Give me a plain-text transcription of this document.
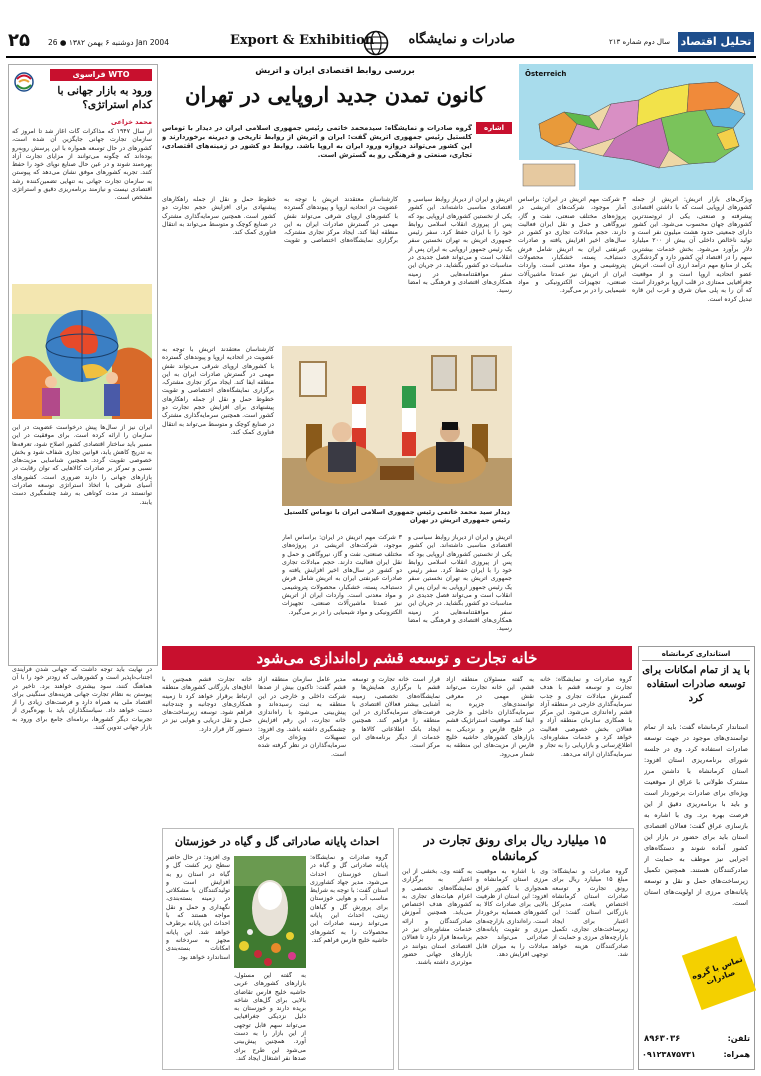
۲۵ دوشنبه ۶ بهمن ۱۳۸۲ ● 26 Jan 2004	Export & Exhibition	صادرات و نمایشگاه	سال دوم شماره ۲۱۳ تحلیل اقتصاد
Österreich
بررسی روابط اقتصادی ایران و اتریش
کانون تمدن جدید اروپایی در تهران
اشاره
گروه صادرات و نمایشگاه: سیدمحمد خاتمی رئیس جمهوری اسلامی ایران در دیدار با توماس کلستیل رئیس جمهوری اتریش گفت: ایران و اتریش از روابط تاریخی و دیرینه برخوردارند و این کشور می‌تواند دروازه ورود ایران به اروپا باشد. روابط دو کشور در زمینه‌های اقتصادی، تجاری، صنعتی و فرهنگی رو به گسترش است.
فراسوی WTO
ورود به بازار جهانی با کدام استراتژی؟
محمد خزاعی
از سال ۱۹۴۷ که مذاکرات گات آغاز شد تا امروز که سازمان تجارت جهانی جایگزین آن شده است، کشورهای در حال توسعه همواره با این پرسش روبه‌رو بوده‌اند که چگونه می‌توانند از مزایای تجارت آزاد بهره‌مند شوند و در عین حال صنایع نوپای خود را حفظ کنند. تجربه کشورهای موفق نشان می‌دهد که پیوستن به سازمان تجارت جهانی به تنهایی تضمین‌کننده رشد اقتصادی نیست و نیازمند برنامه‌ریزی دقیق و استراتژی مشخص است.
ایران نیز از سال‌ها پیش درخواست عضویت در این سازمان را ارائه کرده است. برای موفقیت در این مسیر باید ساختار اقتصادی کشور اصلاح شود، تعرفه‌ها به تدریج کاهش یابد، قوانین تجاری شفاف شود و بخش خصوصی تقویت گردد. همچنین شناسایی مزیت‌های نسبی و تمرکز بر صادرات کالاهایی که توان رقابت در بازارهای جهانی را دارند ضروری است. کشورهای آسیای شرقی با اتخاذ استراتژی توسعه صادرات توانستند در مدت کوتاهی به رشد چشمگیری دست یابند.
در نهایت باید توجه داشت که جهانی شدن فرآیندی اجتناب‌ناپذیر است و کشورهایی که زودتر خود را با آن هماهنگ کنند، سود بیشتری خواهند برد. تاخیر در پیوستن به نظام تجارت جهانی هزینه‌های سنگینی برای اقتصاد ملی به همراه دارد و فرصت‌های زیادی را از دست خواهد داد. سیاستگذاران باید با بهره‌گیری از تجربیات دیگر کشورها، برنامه‌ای جامع برای ورود به بازار جهانی تدوین کنند.
ویژگی‌های بازار اتریش: اتریش از جمله کشورهای اروپایی است که با داشتن اقتصادی پیشرفته و صنعتی، یکی از ثروتمندترین کشورهای جهان محسوب می‌شود. این کشور دارای جمعیتی حدود هشت میلیون نفر است و تولید ناخالص داخلی آن بیش از ۲۰۰ میلیارد دلار برآورد می‌شود. بخش خدمات بیشترین سهم را در اقتصاد این کشور دارد و گردشگری یکی از منابع مهم درآمد ارزی آن است. اتریش عضو اتحادیه اروپا است و از موقعیت جغرافیایی ممتازی در قلب اروپا برخوردار است که آن را به پلی میان شرق و غرب این قاره تبدیل کرده است.
۳ شرکت مهم اتریش در ایران: براساس آمار موجود، شرکت‌های اتریشی در پروژه‌های مختلف صنعتی، نفت و گاز، نیروگاهی و حمل و نقل ایران فعالیت دارند. حجم مبادلات تجاری دو کشور در سال‌های اخیر افزایش یافته و صادرات غیرنفتی ایران به اتریش شامل فرش دستباف، پسته، خشکبار، محصولات پتروشیمی و مواد معدنی است. واردات ایران از اتریش نیز عمدتا ماشین‌آلات صنعتی، تجهیزات الکترونیکی و مواد شیمیایی را در بر می‌گیرد.
اتریش و ایران از دیرباز روابط سیاسی و اقتصادی مناسبی داشته‌اند. این کشور یکی از نخستین کشورهای اروپایی بود که پس از پیروزی انقلاب اسلامی روابط خود را با ایران حفظ کرد. سفر رئیس جمهوری اتریش به تهران نخستین سفر یک رئیس جمهور اروپایی به ایران پس از انقلاب است و می‌تواند فصل جدیدی در مناسبات دو کشور بگشاید. در جریان این سفر موافقتنامه‌هایی در زمینه همکاری‌های اقتصادی و فرهنگی به امضا رسید.
کارشناسان معتقدند اتریش با توجه به عضویت در اتحادیه اروپا و پیوندهای گسترده با کشورهای اروپای شرقی می‌تواند نقش مهمی در گسترش صادرات ایران به این منطقه ایفا کند. ایجاد مرکز تجاری مشترک، برگزاری نمایشگاه‌های اختصاصی و تقویت خطوط حمل و نقل از جمله راهکارهای پیشنهادی برای افزایش حجم تجارت دو کشور است. همچنین سرمایه‌گذاری مشترک در صنایع کوچک و متوسط می‌تواند به انتقال فناوری کمک کند.
دیدار سید محمد خاتمی رئیس جمهوری اسلامی ایران با توماس کلستیل رئیس جمهوری اتریش در تهران
اتریش و ایران از دیرباز روابط سیاسی و اقتصادی مناسبی داشته‌اند. این کشور یکی از نخستین کشورهای اروپایی بود که پس از پیروزی انقلاب اسلامی روابط خود را با ایران حفظ کرد. سفر رئیس جمهوری اتریش به تهران نخستین سفر یک رئیس جمهور اروپایی به ایران پس از انقلاب است و می‌تواند فصل جدیدی در مناسبات دو کشور بگشاید. در جریان این سفر موافقتنامه‌هایی در زمینه همکاری‌های اقتصادی و فرهنگی به امضا رسید.
کارشناسان معتقدند اتریش با توجه به عضویت در اتحادیه اروپا و پیوندهای گسترده با کشورهای اروپای شرقی می‌تواند نقش مهمی در گسترش صادرات ایران به این منطقه ایفا کند. ایجاد مرکز تجاری مشترک، برگزاری نمایشگاه‌های اختصاصی و تقویت خطوط حمل و نقل از جمله راهکارهای پیشنهادی برای افزایش حجم تجارت دو کشور است. همچنین سرمایه‌گذاری مشترک در صنایع کوچک و متوسط می‌تواند به انتقال فناوری کمک کند.
۳ شرکت مهم اتریش در ایران: براساس آمار موجود، شرکت‌های اتریشی در پروژه‌های مختلف صنعتی، نفت و گاز، نیروگاهی و حمل و نقل ایران فعالیت دارند. حجم مبادلات تجاری دو کشور در سال‌های اخیر افزایش یافته و صادرات غیرنفتی ایران به اتریش شامل فرش دستباف، پسته، خشکبار، محصولات پتروشیمی و مواد معدنی است. واردات ایران از اتریش نیز عمدتا ماشین‌آلات صنعتی، تجهیزات الکترونیکی و مواد شیمیایی را در بر می‌گیرد.
خانه تجارت و توسعه قشم راه‌اندازی می‌شود
گروه صادرات و نمایشگاه: خانه تجارت و توسعه قشم با هدف گسترش مبادلات تجاری و جذب سرمایه‌گذاری خارجی در منطقه آزاد قشم راه‌اندازی می‌شود. این مرکز با همکاری سازمان منطقه آزاد و فعالان بخش خصوصی فعالیت خواهد کرد و خدمات مشاوره‌ای، اطلاع‌رسانی و بازاریابی را به تجار و سرمایه‌گذاران ارائه می‌دهد.
به گفته مسئولان منطقه آزاد قشم، این خانه تجارت می‌تواند نقش مهمی در معرفی توانمندی‌های جزیره به سرمایه‌گذاران داخلی و خارجی ایفا کند. موقعیت استراتژیک قشم در خلیج فارس و نزدیکی به بازارهای کشورهای حاشیه خلیج فارس از مزیت‌های این منطقه به شمار می‌رود.
قرار است خانه تجارت و توسعه قشم با برگزاری همایش‌ها و نمایشگاه‌های تخصصی، زمینه آشنایی بیشتر فعالان اقتصادی با فرصت‌های سرمایه‌گذاری در این منطقه را فراهم کند. همچنین ایجاد بانک اطلاعاتی کالاها و خدمات از دیگر برنامه‌های این مرکز است.
مدیر عامل سازمان منطقه آزاد قشم گفت: تاکنون بیش از صدها شرکت داخلی و خارجی در این منطقه به ثبت رسیده‌اند و پیش‌بینی می‌شود با راه‌اندازی خانه تجارت، این رقم افزایش چشمگیری داشته باشد. وی افزود: تسهیلات ویژه‌ای برای سرمایه‌گذاران در نظر گرفته شده است.
خانه تجارت قشم همچنین با اتاق‌های بازرگانی کشورهای منطقه ارتباط برقرار خواهد کرد تا زمینه همکاری‌های دوجانبه و چندجانبه فراهم شود. توسعه زیرساخت‌های حمل و نقل دریایی و هوایی نیز در دستور کار قرار دارد.
۱۵ میلیارد ریال برای رونق تجارت در کرمانشاه
گروه صادرات و نمایشگاه: مبلغ ۱۵ میلیارد ریال برای رونق تجارت و توسعه صادرات استان کرمانشاه اختصاص یافت. مدیرکل بازرگانی استان گفت: این اعتبار برای ایجاد زیرساخت‌های تجاری، تکمیل بازارچه‌های مرزی و حمایت از صادرکنندگان هزینه خواهد شد.
وی با اشاره به موقعیت مرزی استان کرمانشاه و همجواری با کشور عراق افزود: این استان از ظرفیت بالایی برای صادرات کالا به کشورهای همسایه برخوردار است. راه‌اندازی بازارچه‌های مرزی و تقویت پایانه‌های صادراتی می‌تواند حجم مبادلات را به میزان قابل توجهی افزایش دهد.
به گفته وی، بخشی از این اعتبار به برگزاری نمایشگاه‌های تخصصی و اعزام هیات‌های تجاری به کشورهای هدف اختصاص می‌یابد. همچنین آموزش صادرکنندگان و ارائه خدمات مشاوره‌ای نیز در برنامه‌ها قرار دارد تا فعالان اقتصادی استان بتوانند در بازارهای جهانی حضور موثرتری داشته باشند.
احداث پایانه صادراتی گل و گیاه در خوزستان
گروه صادرات و نمایشگاه: پایانه صادراتی گل و گیاه در استان خوزستان احداث می‌شود. مدیر جهاد کشاورزی استان گفت: با توجه به شرایط مناسب آب و هوایی خوزستان برای پرورش گل و گیاهان زینتی، احداث این پایانه می‌تواند زمینه صادرات این محصولات را به کشورهای حاشیه خلیج فارس فراهم کند.
وی افزود: در حال حاضر سطح زیر کشت گل و گیاه در استان رو به افزایش است و تولیدکنندگان با مشکلاتی در زمینه بسته‌بندی، نگهداری و حمل و نقل مواجه هستند که با احداث این پایانه برطرف خواهد شد. این پایانه مجهز به سردخانه و امکانات بسته‌بندی استاندارد خواهد بود.
به گفته این مسئول، بازارهای کشورهای عربی حاشیه خلیج فارس تقاضای بالایی برای گل‌های شاخه بریده دارند و خوزستان به دلیل نزدیکی جغرافیایی می‌تواند سهم قابل توجهی از این بازار را به دست آورد. همچنین پیش‌بینی می‌شود این طرح برای صدها نفر اشتغال ایجاد کند.
استانداری کرمانشاه
با ید از تمام امکانات برای توسعه صادرات استفاده کرد
استاندار کرمانشاه گفت: باید از تمام توانمندی‌های موجود در جهت توسعه صادرات استفاده کرد. وی در جلسه شورای برنامه‌ریزی استان افزود: استان کرمانشاه با داشتن مرز مشترک طولانی با عراق از موقعیت ویژه‌ای برای صادرات برخوردار است و باید با برنامه‌ریزی دقیق از این فرصت بهره برد. وی با اشاره به بازسازی عراق گفت: فعالان اقتصادی استان باید برای حضور در بازار این کشور آماده شوند و دستگاه‌های اجرایی نیز موظف به حمایت از صادرکنندگان هستند. همچنین تکمیل زیرساخت‌های حمل و نقل و توسعه پایانه‌های مرزی از اولویت‌های استان است.
تماس با گروه صادرات
تلفن:
۸۹۶۳۰۳۶
همراه:
۰۹۱۲۳۸۷۵۷۳۱
